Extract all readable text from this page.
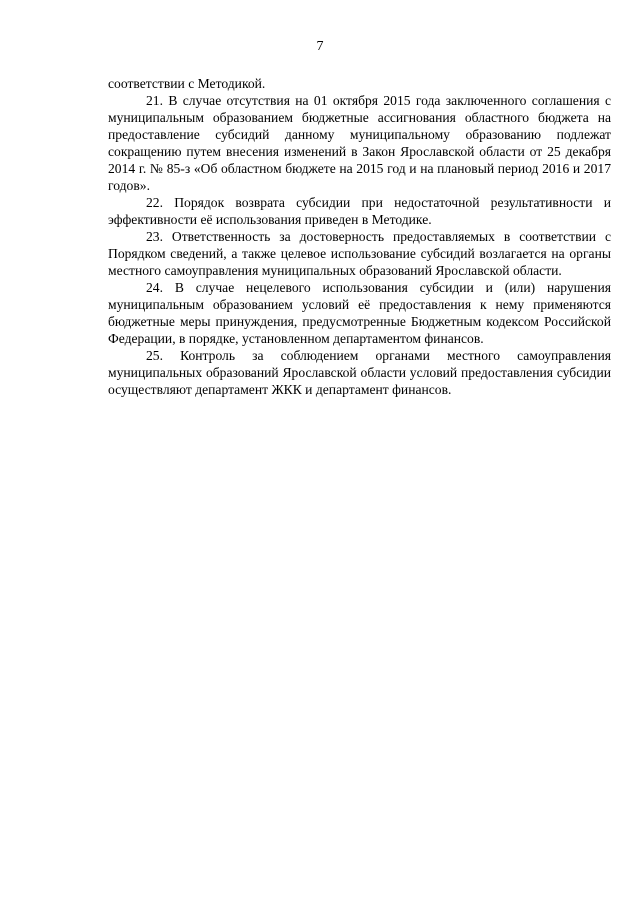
7

соответствии с Методикой.

21. В случае отсутствия на 01 октября 2015 года заключенного соглашения с муниципальным образованием бюджетные ассигнования областного бюджета на предоставление субсидий данному муниципальному образованию подлежат сокращению путем внесения изменений в Закон Ярославской области от 25 декабря 2014 г. № 85-з «Об областном бюджете на 2015 год и на плановый период 2016 и 2017 годов».

22. Порядок возврата субсидии при недостаточной результативности и эффективности её использования приведен в Методике.

23. Ответственность за достоверность предоставляемых в соответствии с Порядком сведений, а также целевое использование субсидий возлагается на органы местного самоуправления муниципальных образований Ярославской области.

24. В случае нецелевого использования субсидии и (или) нарушения муниципальным образованием условий её предоставления к нему применяются бюджетные меры принуждения, предусмотренные Бюджетным кодексом Российской Федерации, в порядке, установленном департаментом финансов.

25. Контроль за соблюдением органами местного самоуправления муниципальных образований Ярославской области условий предоставления субсидии осуществляют департамент ЖКК и департамент финансов.
